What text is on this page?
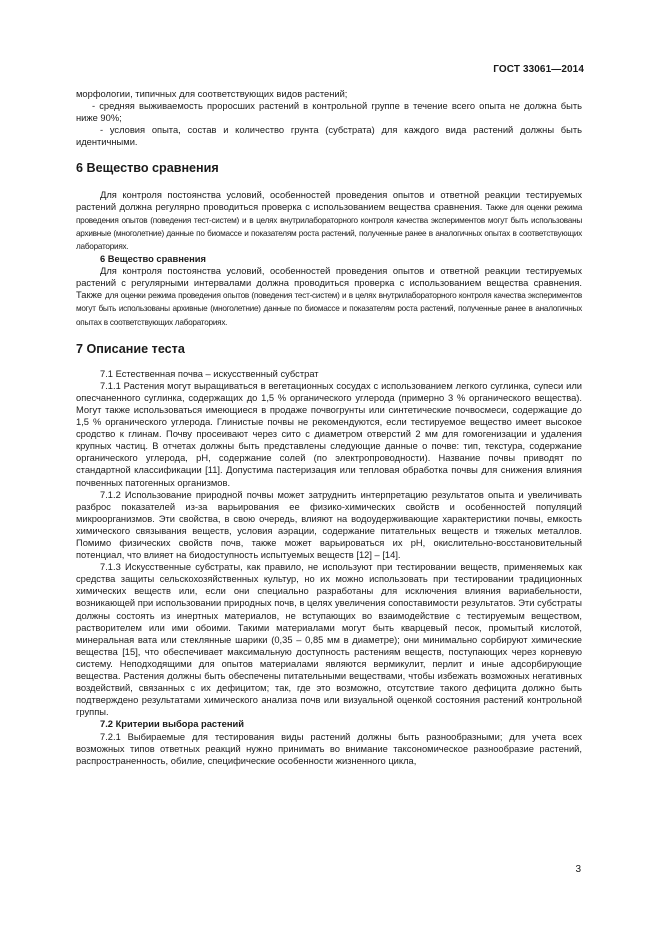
ГОСТ 33061—2014

морфологии, типичных для соответствующих видов растений;

- средняя выживаемость проросших растений в контрольной группе в течение всего опыта не должна быть ниже 90%;

- условия опыта, состав и количество грунта (субстрата) для каждого вида растений должны быть идентичными.

6 Вещество сравнения

Для контроля постоянства условий, особенностей проведения опытов и ответной реакции тестируемых растений должна регулярно проводиться проверка с использованием вещества сравнения. Также для оценки режима проведения опытов (поведения тест-систем) и в целях внутрилабораторного контроля качества экспериментов могут быть использованы архивные (многолетние) данные по биомассе и показателям роста растений, полученные ранее в аналогичных опытах в соответствующих лабораториях.

6 Вещество сравнения

Для контроля постоянства условий, особенностей проведения опытов и ответной реакции тестируемых растений с регулярными интервалами должна проводиться проверка с использованием вещества сравнения. Также для оценки режима проведения опытов (поведения тест-систем) и в целях внутрилабораторного контроля качества экспериментов могут быть использованы архивные (многолетние) данные по биомассе и показателям роста растений, полученные ранее в аналогичных опытах в соответствующих лабораториях.

7 Описание теста

7.1 Естественная почва – искусственный субстрат

7.1.1 Растения могут выращиваться в вегетационных сосудах с использованием легкого суглинка, супеси или опесчаненного суглинка, содержащих до 1,5 % органического углерода (примерно 3 % органического вещества). Могут также использоваться имеющиеся в продаже почвогрунты или синтетические почвосмеси, содержащие до 1,5 % органического углерода. Глинистые почвы не рекомендуются, если тестируемое вещество имеет высокое сродство к глинам. Почву просеивают через сито с диаметром отверстий 2 мм для гомогенизации и удаления крупных частиц. В отчетах должны быть представлены следующие данные о почве: тип, текстура, содержание органического углерода, рН, содержание солей (по электропроводности). Название почвы приводят по стандартной классификации [11]. Допустима пастеризация или тепловая обработка почвы для снижения влияния почвенных патогенных организмов.

7.1.2 Использование природной почвы может затруднить интерпретацию результатов опыта и увеличивать разброс показателей из-за варьирования ее физико-химических свойств и особенностей популяций микроорганизмов. Эти свойства, в свою очередь, влияют на водоудерживающие характеристики почвы, емкость химического связывания веществ, условия аэрации, содержание питательных веществ и тяжелых металлов. Помимо физических свойств почв, также может варьироваться их рН, окислительно-восстановительный потенциал, что влияет на биодоступность испытуемых веществ [12] – [14].

7.1.3 Искусственные субстраты, как правило, не используют при тестировании веществ, применяемых как средства защиты сельскохозяйственных культур, но их можно использовать при тестировании традиционных химических веществ или, если они специально разработаны для исключения влияния вариабельности, возникающей при использовании природных почв, в целях увеличения сопоставимости результатов. Эти субстраты должны состоять из инертных материалов, не вступающих во взаимодействие с тестируемым веществом, растворителем или ими обоими. Такими материалами могут быть кварцевый песок, промытый кислотой, минеральная вата или стеклянные шарики (0,35 – 0,85 мм в диаметре); они минимально сорбируют химические вещества [15], что обеспечивает максимальную доступность растениям веществ, поступающих через корневую систему. Неподходящими для опытов материалами являются вермикулит, перлит и иные адсорбирующие вещества. Растения должны быть обеспечены питательными веществами, чтобы избежать возможных негативных воздействий, связанных с их дефицитом; так, где это возможно, отсутствие такого дефицита должно быть подтверждено результатами химического анализа почв или визуальной оценкой состояния растений контрольной группы.

7.2 Критерии выбора растений

7.2.1 Выбираемые для тестирования виды растений должны быть разнообразными; для учета всех возможных типов ответных реакций нужно принимать во внимание таксономическое разнообразие растений, распространенность, обилие, специфические особенности жизненного цикла,

3
